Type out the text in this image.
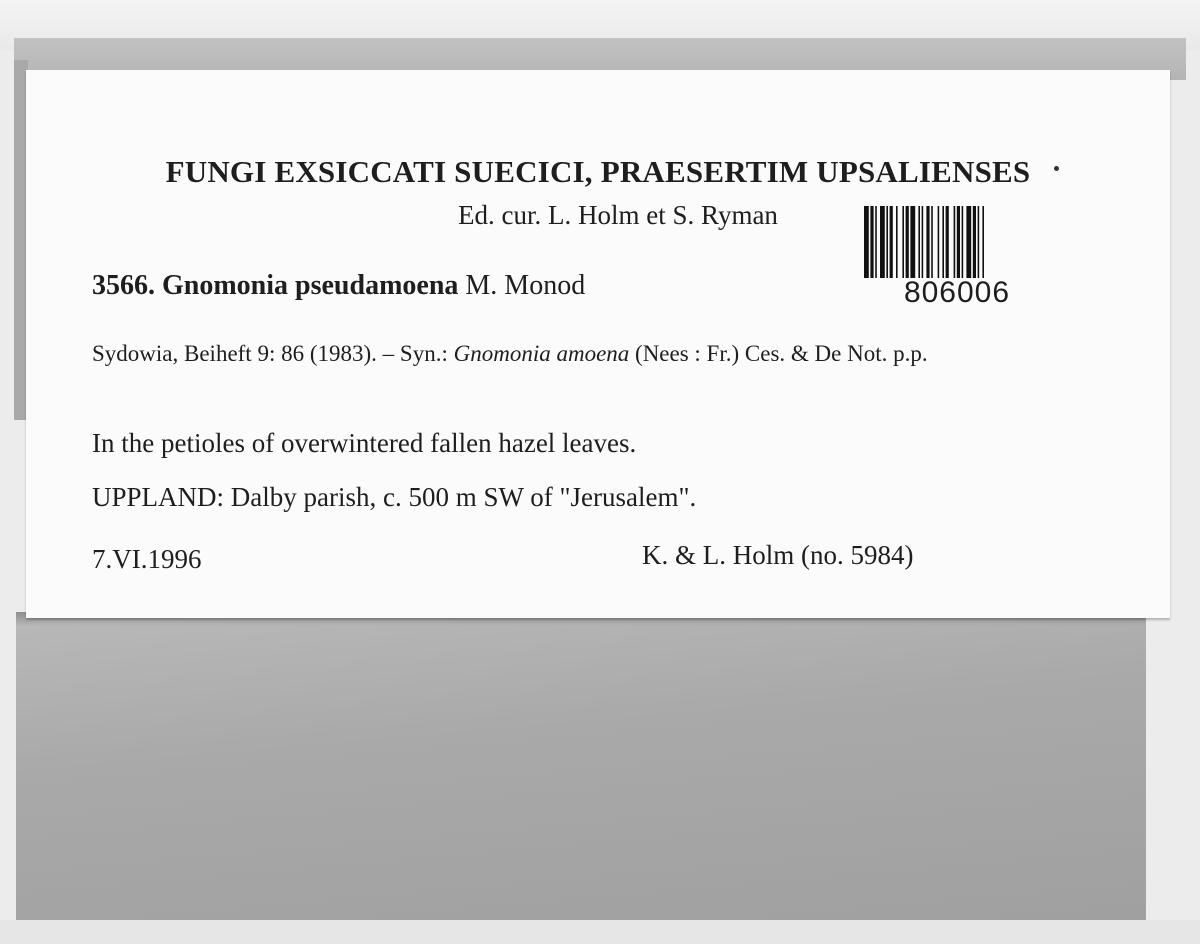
FUNGI EXSICCATI SUECICI, PRAESERTIM UPSALIENSES
Ed. cur. L. Holm et S. Ryman
806006
3566. Gnomonia pseudamoena M. Monod
Sydowia, Beiheft 9: 86 (1983). – Syn.: Gnomonia amoena (Nees : Fr.) Ces. & De Not. p.p.
In the petioles of overwintered fallen hazel leaves.
UPPLAND: Dalby parish, c. 500 m SW of "Jerusalem".
7.VI.1996	K. & L. Holm (no. 5984)
